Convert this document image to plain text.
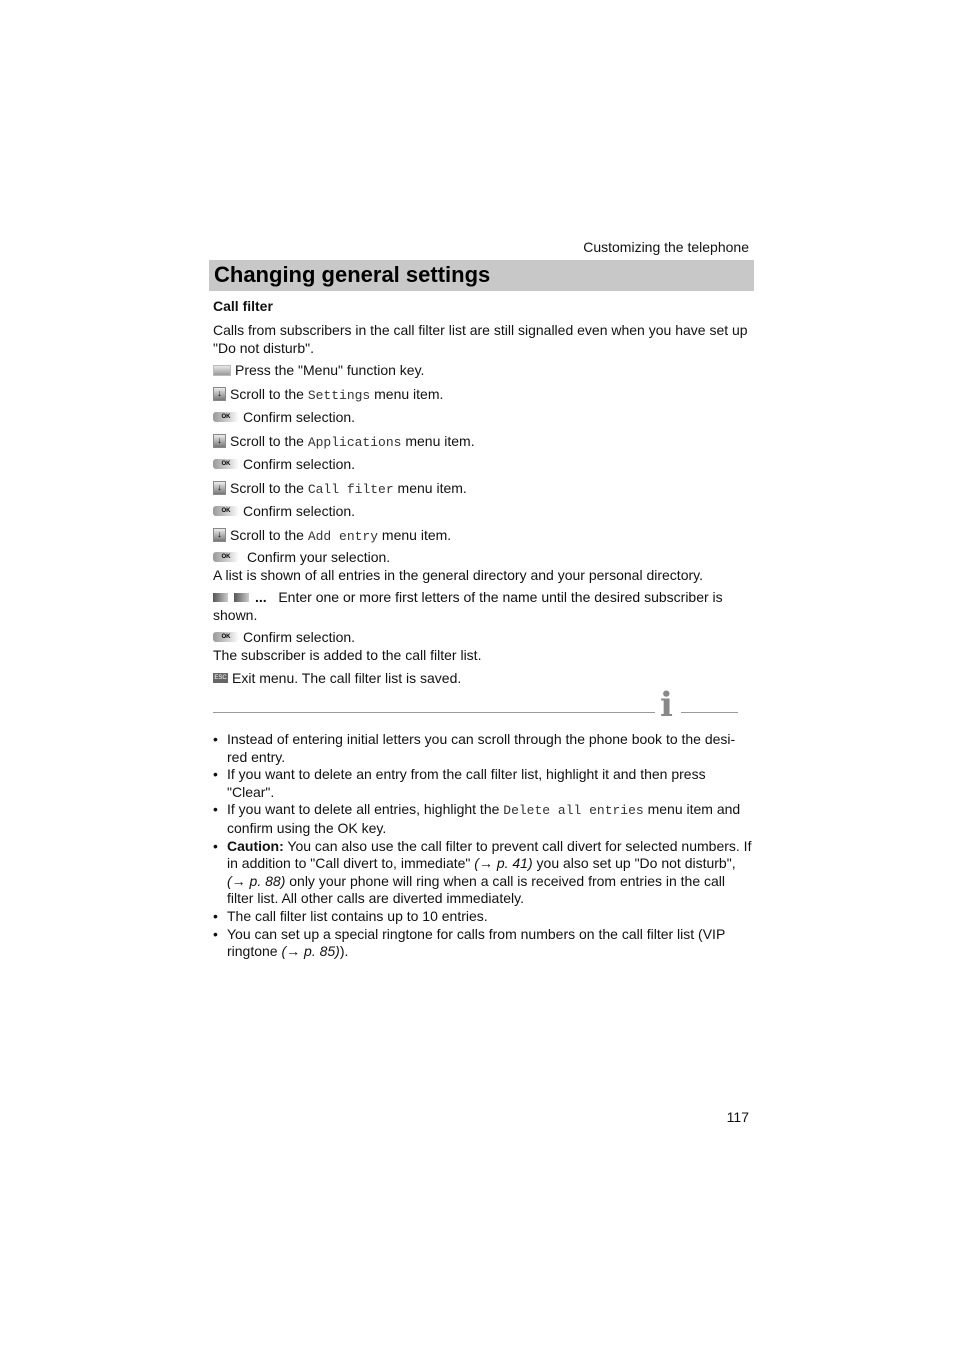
Customizing the telephone
Changing general settings
Call filter
Calls from subscribers in the call filter list are still signalled even when you have set up "Do not disturb".
Press the "Menu" function key.
↓ Scroll to the Settings menu item.
OK Confirm selection.
↓ Scroll to the Applications menu item.
OK Confirm selection.
↓ Scroll to the Call filter menu item.
OK Confirm selection.
↓ Scroll to the Add entry menu item.
OK Confirm your selection.
A list is shown of all entries in the general directory and your personal directory.
... Enter one or more first letters of the name until the desired subscriber is shown.
OK Confirm selection.
The subscriber is added to the call filter list.
ESC Exit menu. The call filter list is saved.
i
• Instead of entering initial letters you can scroll through the phone book to the desi-red entry.
• If you want to delete an entry from the call filter list, highlight it and then press "Clear".
• If you want to delete all entries, highlight the Delete all entries menu item and confirm using the OK key.
• Caution: You can also use the call filter to prevent call divert for selected numbers. If in addition to "Call divert to, immediate" (→ p. 41) you also set up "Do not disturb", (→ p. 88) only your phone will ring when a call is received from entries in the call filter list. All other calls are diverted immediately.
• The call filter list contains up to 10 entries.
• You can set up a special ringtone for calls from numbers on the call filter list (VIP ringtone (→ p. 85)).
117
